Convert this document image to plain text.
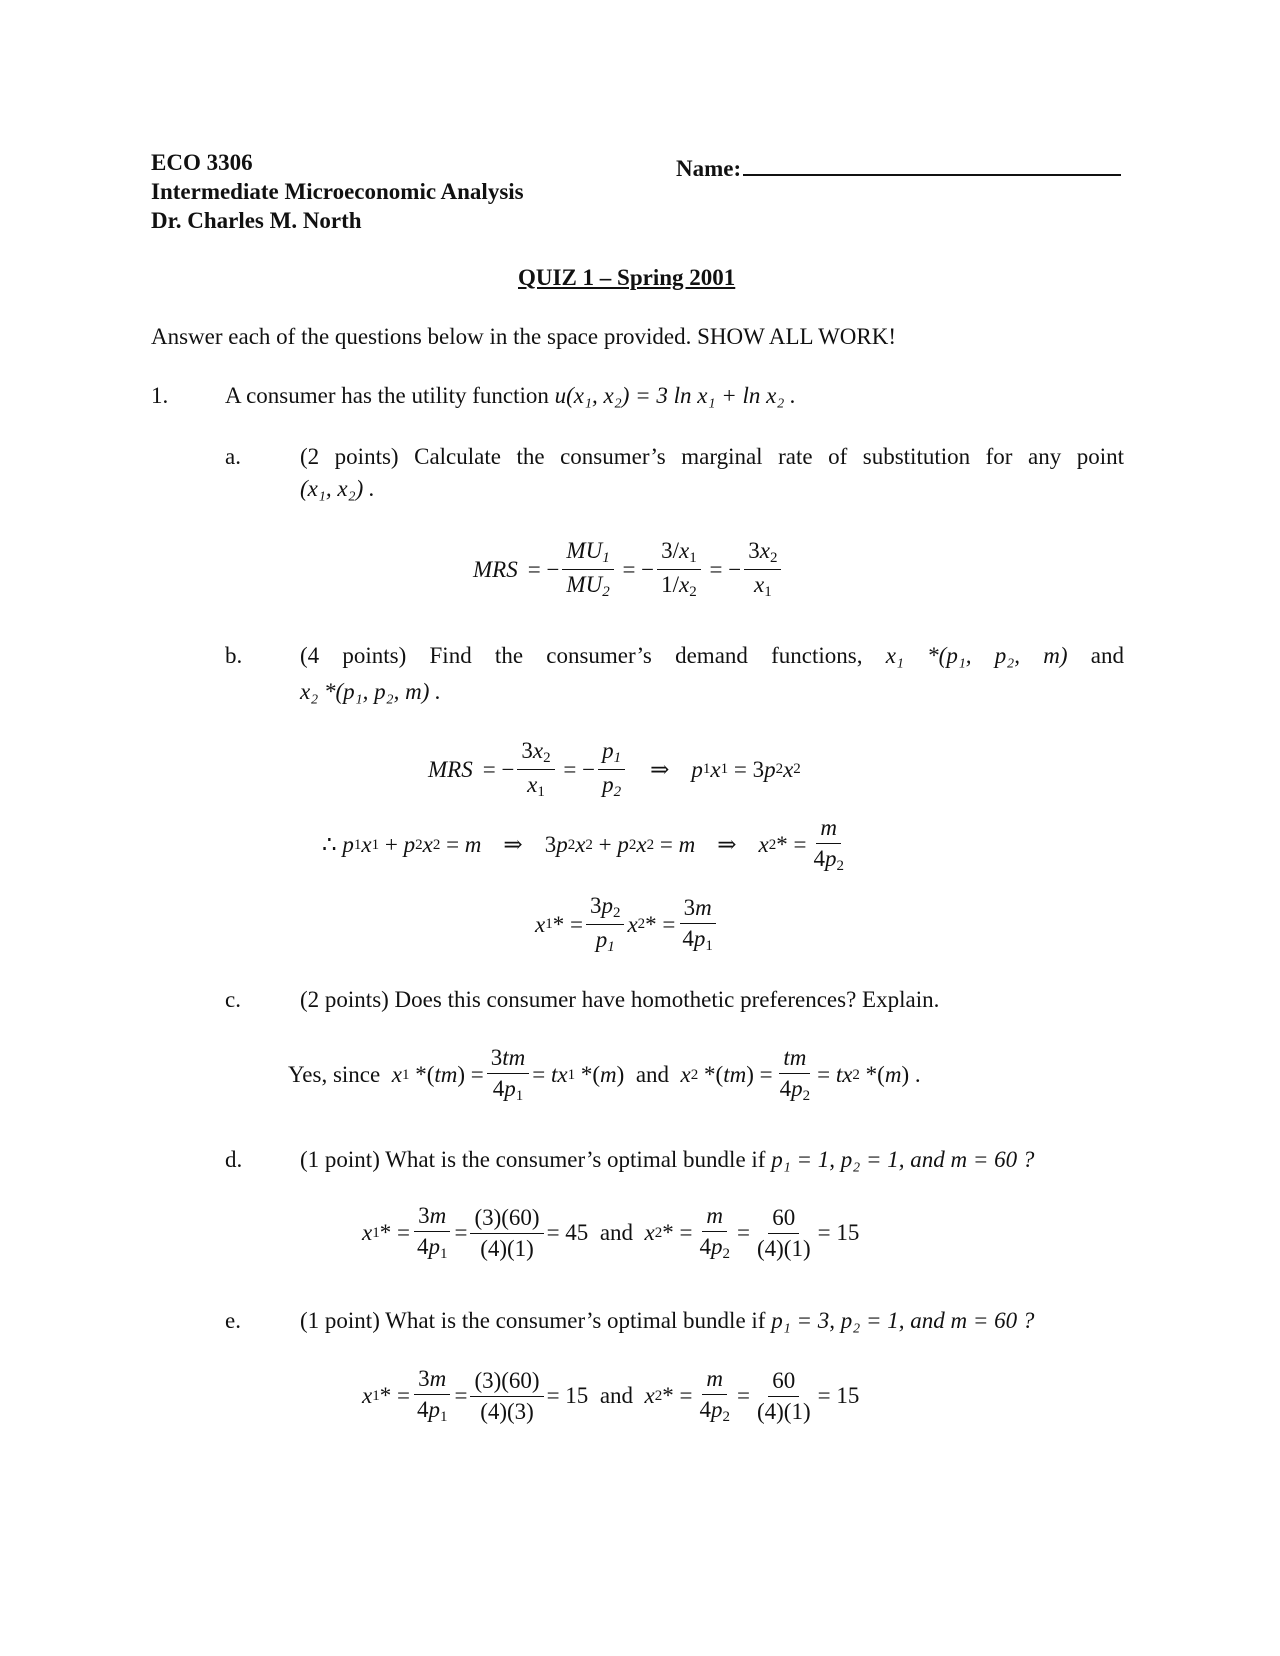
ECO 3306
Intermediate Microeconomic Analysis
Dr. Charles M. North
Name:
QUIZ 1 – Spring 2001
Answer each of the questions below in the space provided. SHOW ALL WORK!
1. A consumer has the utility function u(x₁, x₂) = 3 ln x₁ + ln x₂ .
a.	(2 points) Calculate the consumer’s marginal rate of substitution for any point
(x₁, x₂) .
MRS = − $\frac{MU_1}{MU_2}$ = − $\frac{3/x_1}{1/x_2}$ = − $\frac{3x_2}{x_1}$
b.	(4 points) Find the consumer’s demand functions, x₁ *(p₁, p₂, m) and
x₂ *(p₁, p₂, m) .
MRS = − $\frac{3x_2}{x_1}$ = − $\frac{p_1}{p_2}$ ⇒ p 1 x 1 = 3 p 2 x 2
∴ p 1 x 1 + p 2 x 2 = m ⇒
3 p 2 x 2 + p 2 x 2 = m ⇒ x 2 * = $\frac{m}{4p_2}$
x 1 * = $\frac{3p_2}{p_1}$ x 2 * = $\frac{3m}{4p_1}$
c.	(2 points) Does this consumer have homothetic preferences? Explain.
Yes, since
x 1 *( tm ) = $\frac{3tm}{4p_1}$ = tx 1 *( m ) and
x 2 *( tm ) = $\frac{tm}{4p_2}$ = tx 2 *( m ) .
d.	(1 point) What is the consumer’s optimal bundle if p₁ = 1, p₂ = 1, and m = 60 ?
x 1 * = $\frac{3m}{4p_1} = \frac{(3)(60)}{(4)(1)} = 45$ and
x 2 * = $\frac{m}{4p_2} = \frac{60}{(4)(1)} = 15$
e.	(1 point) What is the consumer’s optimal bundle if p₁ = 3, p₂ = 1, and m = 60 ?
x 1 * = $\frac{3m}{4p_1} = \frac{(3)(60)}{(4)(3)} = 15$ and
x 2 * = $\frac{m}{4p_2} = \frac{60}{(4)(1)} = 15$
